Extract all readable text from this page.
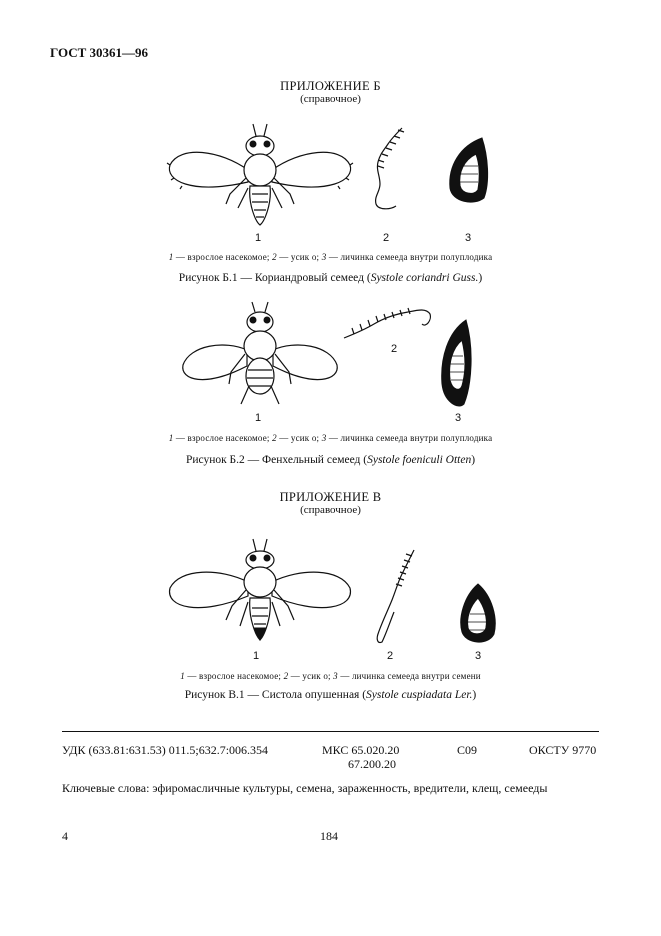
ГОСТ 30361—96
ПРИЛОЖЕНИЕ Б
(справочное)
1	2	3
1 — взрослое насекомое; 2 — усик о; 3 — личинка семееда внутри полуплодика
Рисунок Б.1 — Кориандровый семеед (Systole coriandri Guss.)
2
1	3
1 — взрослое насекомое; 2 — усик о; 3 — личинка семееда внутри полуплодика
Рисунок Б.2 — Фенхельный семеед (Systole foeniculi Otten)
ПРИЛОЖЕНИЕ В
(справочное)
1	2	3
1 — взрослое насекомое; 2 — усик о; 3 — личинка семееда внутри семени
Рисунок В.1 — Систола опушенная (Systole cuspiadata Ler.)
УДК (633.81:631.53) 011.5;632.7:006.354	МКС 65.020.20
67.200.20
С09	ОКСТУ 9770
Ключевые слова: эфиромасличные культуры, семена, зараженность, вредители, клещ, семееды
4	184
